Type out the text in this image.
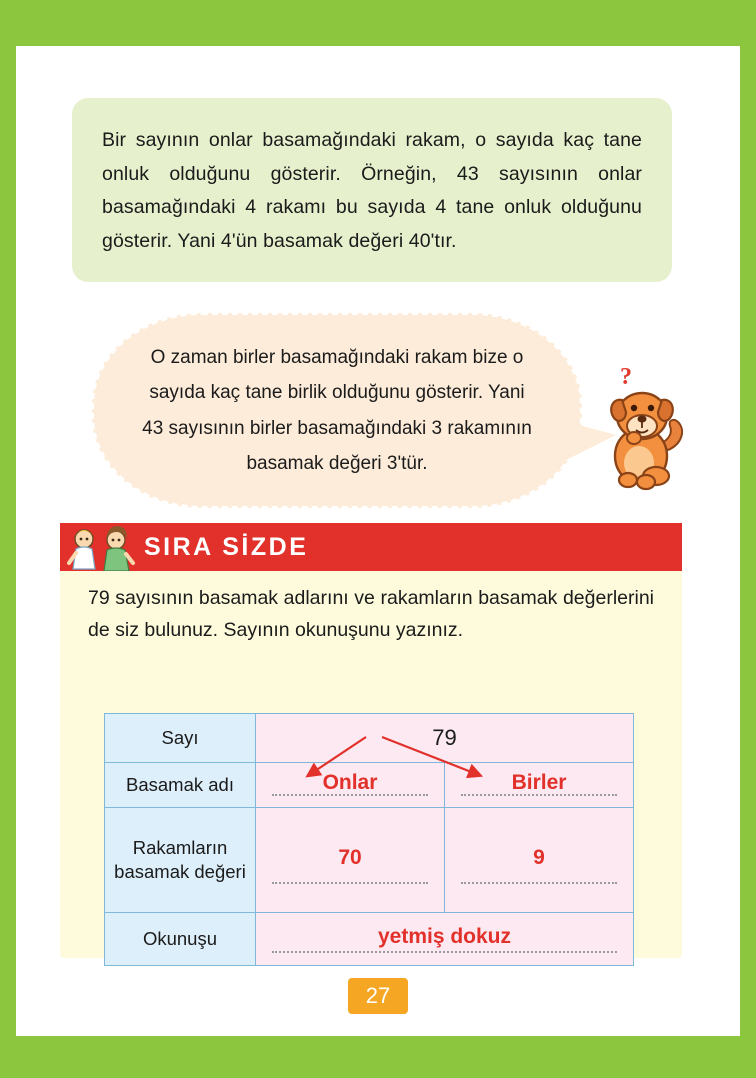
Bir sayının onlar basamağındaki rakam, o sayıda kaç tane onluk olduğunu gösterir. Örneğin, 43 sayısının onlar basamağındaki 4 rakamı bu sayıda 4 tane onluk olduğunu gösterir. Yani 4'ün basamak değeri 40'tır.

O zaman birler basamağındaki rakam bize o sayıda kaç tane birlik olduğunu gösterir. Yani 43 sayısının birler basamağındaki 3 rakamının basamak değeri 3'tür.

?
SIRA SİZDE
79 sayısının basamak adlarını ve rakamların basamak değerlerini de siz bulunuz. Sayının okunuşunu yazınız.
Sayı	79	

Basamak adı	Onlar	Birler

Rakamların basamak değeri	70	9

Okunuşu	yetmiş dokuz	
27
